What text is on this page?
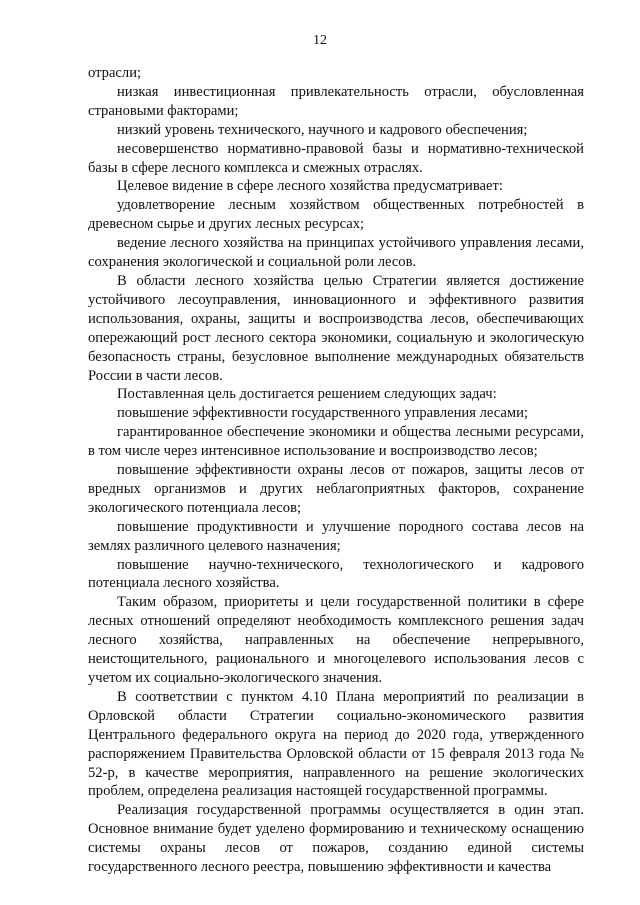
12

отрасли;

низкая инвестиционная привлекательность отрасли, обусловленная страновыми факторами;

низкий уровень технического, научного и кадрового обеспечения;

несовершенство нормативно-правовой базы и нормативно-технической базы в сфере лесного комплекса и смежных отраслях.

Целевое видение в сфере лесного хозяйства предусматривает:

удовлетворение лесным хозяйством общественных потребностей в древесном сырье и других лесных ресурсах;

ведение лесного хозяйства на принципах устойчивого управления лесами, сохранения экологической и социальной роли лесов.

В области лесного хозяйства целью Стратегии является достижение устойчивого лесоуправления, инновационного и эффективного развития использования, охраны, защиты и воспроизводства лесов, обеспечивающих опережающий рост лесного сектора экономики, социальную и экологическую безопасность страны, безусловное выполнение международных обязательств России в части лесов.

Поставленная цель достигается решением следующих задач:

повышение эффективности государственного управления лесами;

гарантированное обеспечение экономики и общества лесными ресурсами, в том числе через интенсивное использование и воспроизводство лесов;

повышение эффективности охраны лесов от пожаров, защиты лесов от вредных организмов и других неблагоприятных факторов, сохранение экологического потенциала лесов;

повышение продуктивности и улучшение породного состава лесов на землях различного целевого назначения;

повышение научно-технического, технологического и кадрового потенциала лесного хозяйства.

Таким образом, приоритеты и цели государственной политики в сфере лесных отношений определяют необходимость комплексного решения задач лесного хозяйства, направленных на обеспечение непрерывного, неистощительного, рационального и многоцелевого использования лесов с учетом их социально-экологического значения.

В соответствии с пунктом 4.10 Плана мероприятий по реализации в Орловской области Стратегии социально-экономического развития Центрального федерального округа на период до 2020 года, утвержденного распоряжением Правительства Орловской области от 15 февраля 2013 года № 52-р, в качестве мероприятия, направленного на решение экологических проблем, определена реализация настоящей государственной программы.

Реализация государственной программы осуществляется в один этап. Основное внимание будет уделено формированию и техническому оснащению системы охраны лесов от пожаров, созданию единой системы государственного лесного реестра, повышению эффективности и качества
